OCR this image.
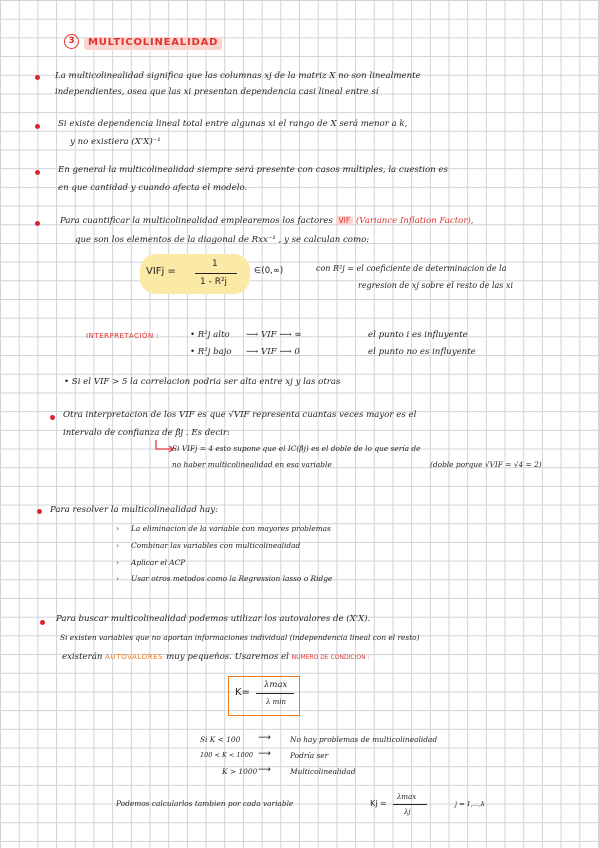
3	MULTICOLINEALIDAD
La multicolinealidad significa que las columnas xj de la matriz X no son linealmente
independientes, osea que las xi presentan dependencia casi lineal entre sí
Si existe dependencia lineal total entre algunas xi el rango de X será menor a k,
y no existiera (X'X)⁻¹
En general la multicolinealidad siempre será presente con casos multiples, la cuestion es
en que cantidad y cuando afecta el modelo.
Para cuantificar la multicolinealidad emplearemos los factores VIF (Variance Inflation Factor),
que son los elementos de la diagonal de Rxx⁻¹ , y se calculan como:
VIFj =
1
1 - R²j
∈(0,∞)	con R²j = el coeficiente de determinacion de la
regresion de xj sobre el resto de las xi
INTERPRETACIÓN :	• R²j alto ⟶ VIF ⟶ ∞	el punto i es influyente
• R²j bajo ⟶ VIF ⟶ 0	el punto no es influyente
• Si el VIF > 5 la correlacion podria ser alta entre xj y las otras
Otra interpretacion de los VIF es que √VIF representa cuantas veces mayor es el
intervalo de confianza de β̂j . Es decir:
Si VIFj = 4 esto supone que el IC(β̂j) es el doble de lo que sería de
no haber multicolinealidad en esa variable	(doble porque √VIF = √4 = 2)
Para resolver la multicolinealidad hay:
› La eliminacion de la variable con mayores problemas
› Combinar las variables con multicolinealidad
› Aplicar el ACP
› Usar otros metodos como la Regression lasso o Ridge
Para buscar multicolinealidad podemos utilizar los autovalores de (X'X).
Si existen variables que no aportan informaciones individual (independencia lineal con el resto)
existerán AUTOVALORES muy pequeños. Usaremos el NUMERO DE CONDICION :
K=
λmax
λ min
Si K < 100 ⟶	No hay problemas de multicolinealidad
100 < K < 1000 ⟶	Podría ser
K > 1000 ⟶	Multicolinealidad
Podemos calcularlos tambien por cada variable	Kj =
λmax
λj
j = 1,...,k
